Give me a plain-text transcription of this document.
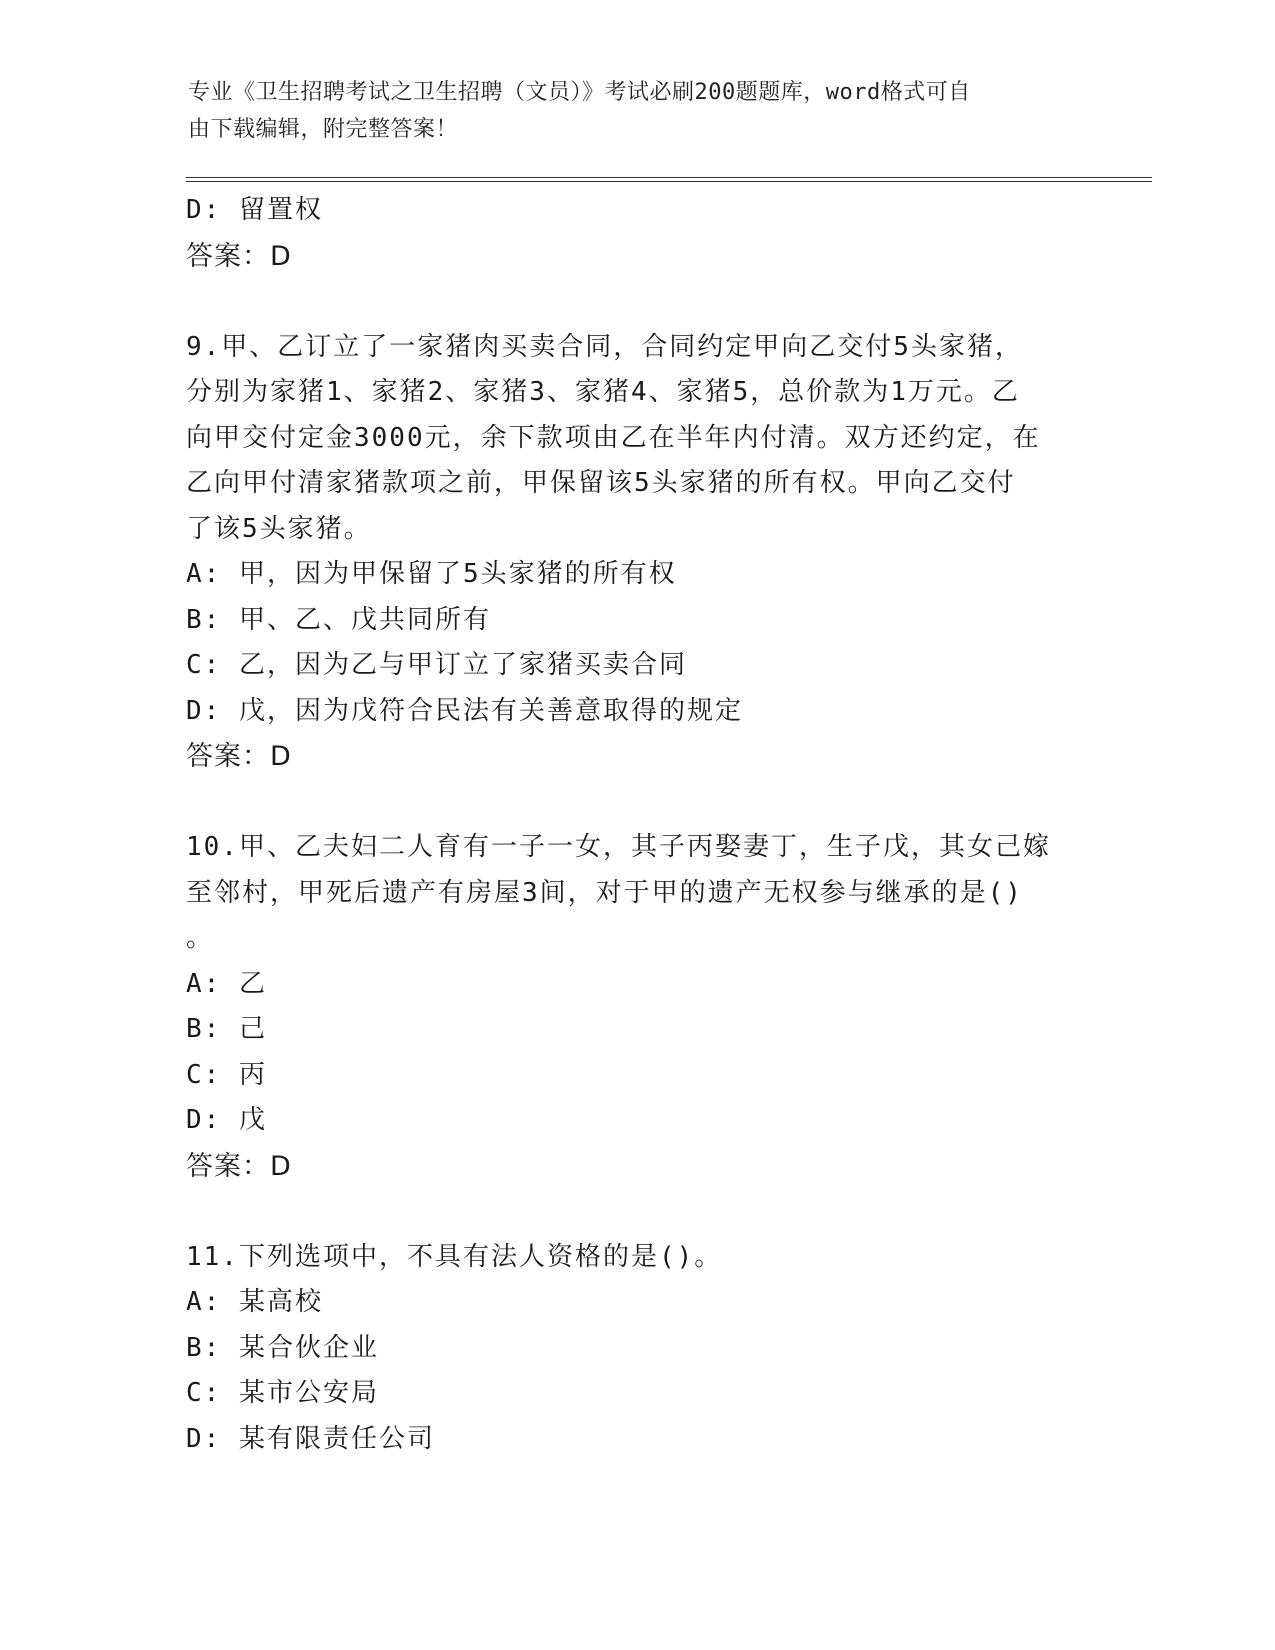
专业《卫生招聘考试之卫生招聘（文员）》考试必刷200题题库，word格式可自
由下载编辑，附完整答案！
D: 留置权
答案：D
9.甲、乙订立了一家猪肉买卖合同，合同约定甲向乙交付5头家猪，
分别为家猪1、家猪2、家猪3、家猪4、家猪5，总价款为1万元。乙
向甲交付定金3000元，余下款项由乙在半年内付清。双方还约定，在
乙向甲付清家猪款项之前，甲保留该5头家猪的所有权。甲向乙交付
了该5头家猪。
A: 甲，因为甲保留了5头家猪的所有权
B: 甲、乙、戊共同所有
C: 乙，因为乙与甲订立了家猪买卖合同
D: 戊，因为戊符合民法有关善意取得的规定
答案：D
10.甲、乙夫妇二人育有一子一女，其子丙娶妻丁，生子戊，其女己嫁
至邻村，甲死后遗产有房屋3间，对于甲的遗产无权参与继承的是()
。
A: 乙
B: 己
C: 丙
D: 戊
答案：D
11.下列选项中，不具有法人资格的是()。
A: 某高校
B: 某合伙企业
C: 某市公安局
D: 某有限责任公司
